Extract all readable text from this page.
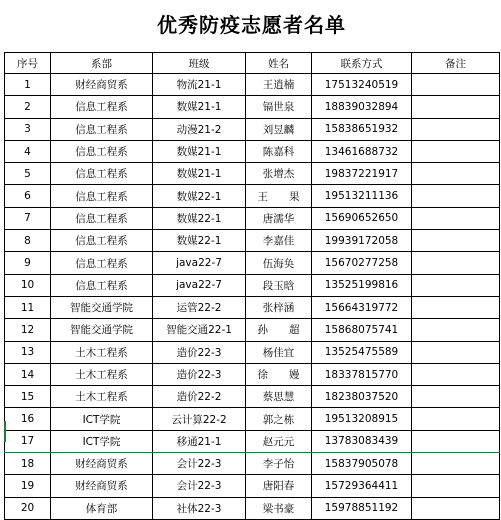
优秀防疫志愿者名单
序号	系部	班级	姓名	联系方式	备注
1	财经商贸系	物流21-1	王逍楠	17513240519	
2	信息工程系	数媒21-1	镉世泉	18839032894	
3	信息工程系	动漫21-2	刘昱麟	15838651932	
4	信息工程系	数媒21-1	陈嘉科	13461688732	
5	信息工程系	数媒21-1	张增杰	19837221917	
6	信息工程系	数媒22-1	王　　果	19513211136	
7	信息工程系	数媒22-1	唐濡华	15690652650	
8	信息工程系	数媒22-1	李嘉佳	19939172058	
9	信息工程系	java22-7	伍海奂	15670277258	
10	信息工程系	java22-7	段玉晗	13525199816	
11	智能交通学院	运管22-2	张梓涵	15664319772	
12	智能交通学院	智能交通22-1	孙　　超	15868075741	
13	土木工程系	造价22-3	杨佳宜	13525475589	
14	土木工程系	造价22-3	徐　　嫚	18337815770	
15	土木工程系	造价22-2	蔡思慧	18238037520	
16	ICT学院	云计算22-2	郭之栋	19513208915	
17	ICT学院	移通21-1	赵元元	13783083439	
18	财经商贸系	会计22-3	李子怡	15837905078	
19	财经商贸系	会计22-3	唐阳春	15729364411	
20	体育部	社体22-3	梁书豪	15978851192	
